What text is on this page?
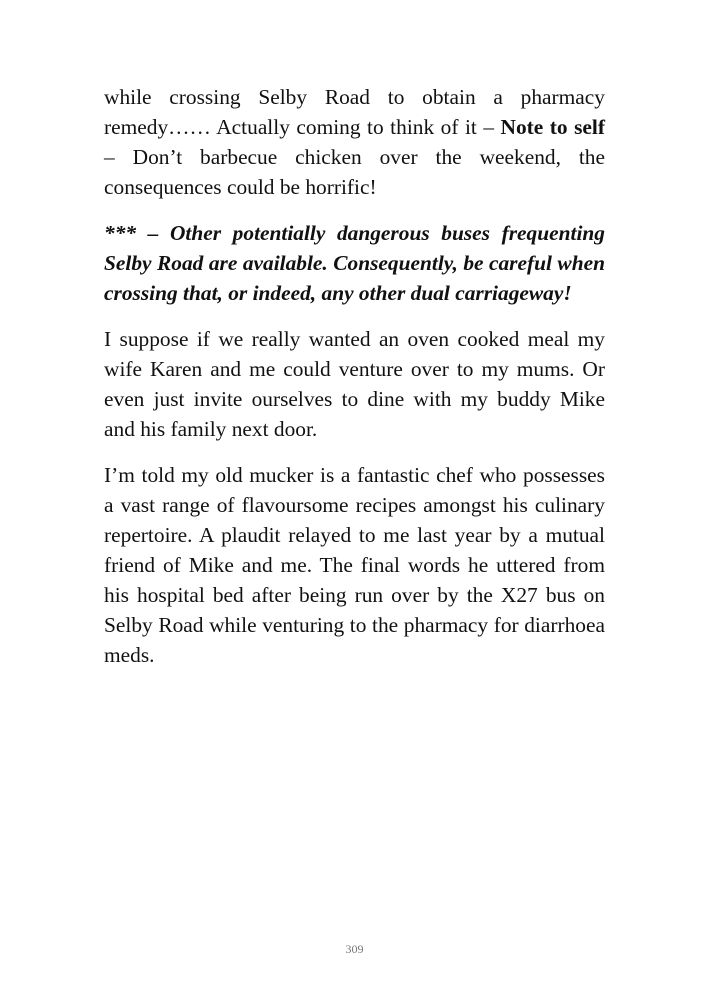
while crossing Selby Road to obtain a pharmacy remedy…… Actually coming to think of it – Note to self – Don’t barbecue chicken over the weekend, the consequences could be horrific!

*** – Other potentially dangerous buses frequenting Selby Road are available. Consequently, be careful when crossing that, or indeed, any other dual carriageway!

I suppose if we really wanted an oven cooked meal my wife Karen and me could venture over to my mums. Or even just invite ourselves to dine with my buddy Mike and his family next door.

I’m told my old mucker is a fantastic chef who possesses a vast range of flavoursome recipes amongst his culinary repertoire. A plaudit relayed to me last year by a mutual friend of Mike and me. The final words he uttered from his hospital bed after being run over by the X27 bus on Selby Road while venturing to the pharmacy for diarrhoea meds.

309
